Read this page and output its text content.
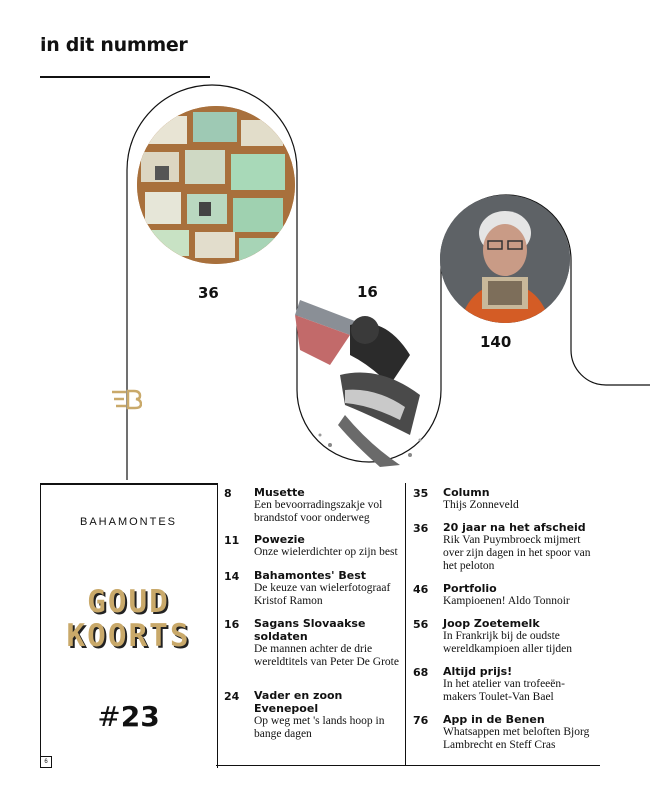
in dit nummer
36	16
140
BAHAMONTES
GOUD
KOORTS
#23
6
8	Musette
Een bevoorradingszakje vol brandstof voor onderweg
11	Powezie
Onze wielerdichter op zijn best
14	Bahamontes' Best
De keuze van wielerfotograaf Kristof Ramon
16	Sagans Slovaakse soldaten
De mannen achter de drie wereldtitels van Peter De Grote
24	Vader en zoon Evenepoel
Op weg met 's lands hoop in bange dagen
35	Column
Thijs Zonneveld
36	20 jaar na het afscheid
Rik Van Puymbroeck mijmert over zijn dagen in het spoor van het peloton
46	Portfolio
Kampioenen! Aldo Tonnoir
56	Joop Zoetemelk
In Frankrijk bij de oudste wereldkampioen aller tijden
68	Altijd prijs!
In het atelier van trofeeën-makers Toulet-Van Bael
76	App in de Benen
Whatsappen met beloften Bjorg Lambrecht en Steff Cras
